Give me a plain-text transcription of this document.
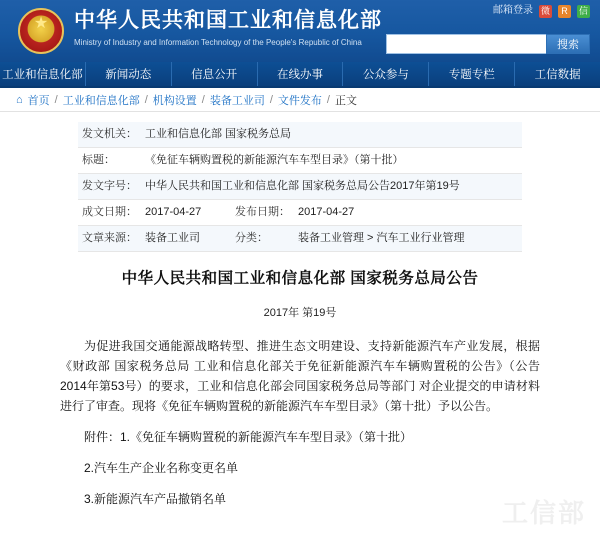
★
中华人民共和国工业和信息化部
Ministry of Industry and Information Technology of the People's Republic of China
邮箱登录 微	R	信
搜索
工业和信息化部	新闻动态	信息公开	在线办事	公众参与	专题专栏	工信数据
⌂ 首页 / 工业和信息化部 / 机构设置 / 装备工业司 / 文件发布 / 正文
发文机关：	工业和信息化部 国家税务总局		
标题：	《免征车辆购置税的新能源汽车车型目录》（第十批）		
发文字号：	中华人民共和国工业和信息化部 国家税务总局公告2017年第19号		
成文日期：	2017-04-27	发布日期：	2017-04-27
文章来源：	装备工业司	分类：	装备工业管理 > 汽车工业行业管理
中华人民共和国工业和信息化部 国家税务总局公告
2017年 第19号
为促进我国交通能源战略转型、推进生态文明建设、支持新能源汽车产业发展，根据《财政部 国家税务总局 工业和信息化部关于免征新能源汽车车辆购置税的公告》（公告2014年第53号）的要求，工业和信息化部会同国家税务总局等部门 对企业提交的申请材料进行了审查。现将《免征车辆购置税的新能源汽车车型目录》（第十批）予以公告。
附件：1.《免征车辆购置税的新能源汽车车型目录》（第十批）
2.汽车生产企业名称变更名单
3.新能源汽车产品撤销名单	工信部
